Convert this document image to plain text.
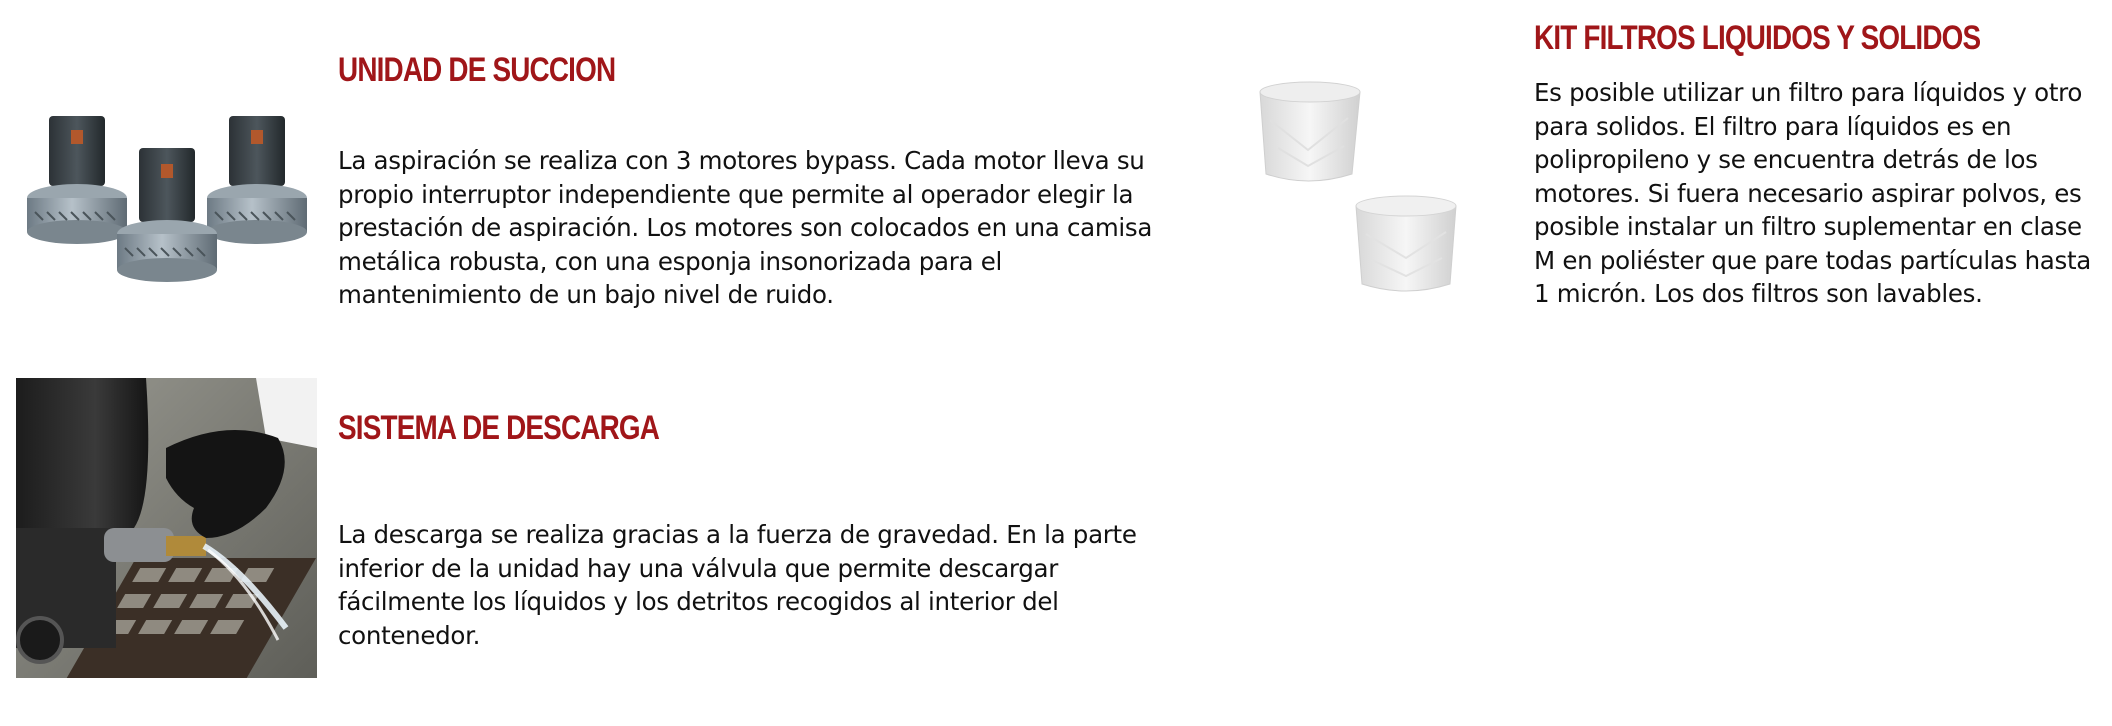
UNIDAD DE SUCCION

La aspiración se realiza con 3 motores bypass. Cada motor lleva su propio interruptor independiente que permite al operador elegir la prestación de aspiración. Los motores son colocados en una camisa metálica robusta, con una esponja insonorizada para el mantenimiento de un bajo nivel de ruido.

KIT FILTROS LIQUIDOS Y SOLIDOS

Es posible utilizar un filtro para líquidos y otro para solidos. El filtro para líquidos es en polipropileno y se encuentra detrás de los motores. Si fuera necesario aspirar polvos, es posible instalar un filtro suplementar en clase M en poliéster que pare todas partículas hasta 1 micrón. Los dos filtros son lavables.

SISTEMA DE DESCARGA

La descarga se realiza gracias a la fuerza de gravedad. En la parte inferior de la unidad hay una válvula que permite descargar fácilmente los líquidos y los detritos recogidos al interior del contenedor.
